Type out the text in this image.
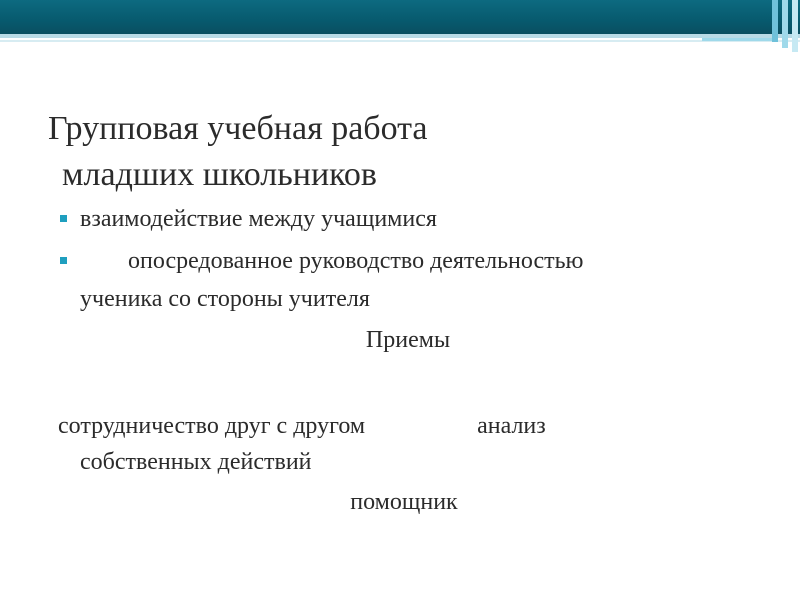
Групповая учебная работа
младших школьников
взаимодействие между учащимися
опосредованное руководство деятельностью
ученика со стороны учителя
Приемы

сотрудничество друг с другом	анализ
собственных действий

помощник
